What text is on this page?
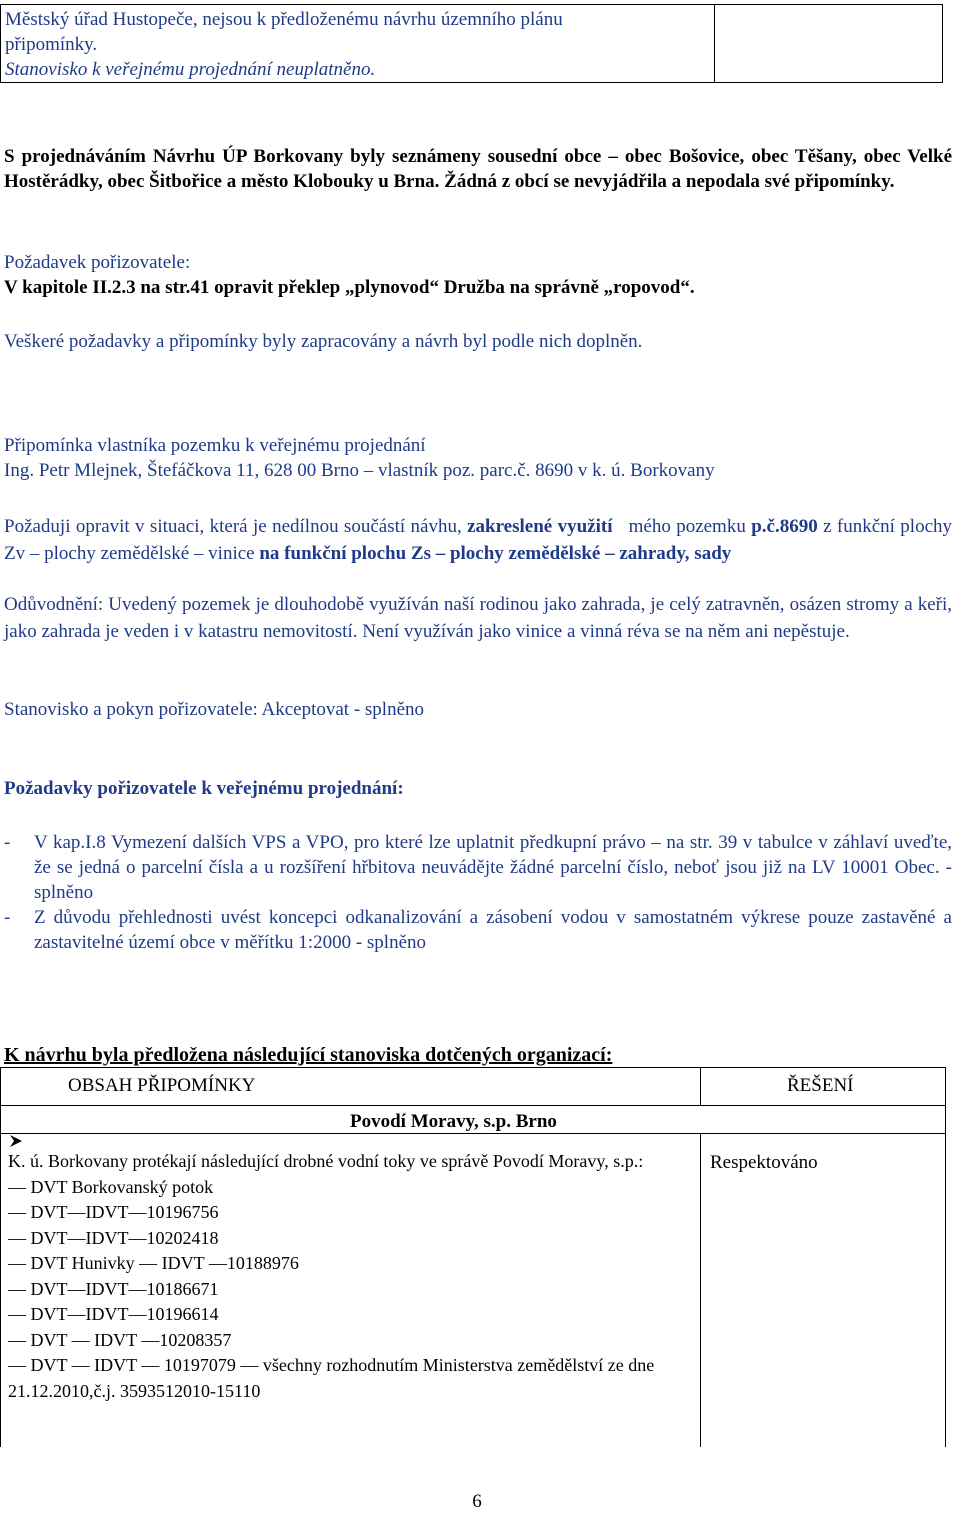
Městský úřad Hustopeče, nejsou k předloženému návrhu územního plánu
připomínky.
Stanovisko k veřejnému projednání neuplatněno.
S projednáváním Návrhu ÚP Borkovany byly seznámeny sousední obce – obec Bošovice, obec Těšany, obec Velké Hostěrádky, obec Šitbořice a město Klobouky u Brna. Žádná z obcí se nevyjádřila a nepodala své připomínky.
Požadavek pořizovatele:
V kapitole II.2.3 na str.41 opravit překlep „plynovod“ Družba na správně „ropovod“.
Veškeré požadavky a připomínky byly zapracovány a návrh byl podle nich doplněn.
Připomínka vlastníka pozemku k veřejnému projednání
Ing. Petr Mlejnek, Štefáčkova 11, 628 00 Brno – vlastník poz. parc.č. 8690 v k. ú. Borkovany
Požaduji opravit v situaci, která je nedílnou součástí návhu, zakreslené využití mého pozemku p.č.8690 z funkční plochy Zv – plochy zemědělské – vinice na funkční plochu Zs – plochy zemědělské – zahrady, sady
Odůvodnění: Uvedený pozemek je dlouhodobě využíván naší rodinou jako zahrada, je celý zatravněn, osázen stromy a keři, jako zahrada je veden i v katastru nemovitostí. Není využíván jako vinice a vinná réva se na něm ani nepěstuje.
Stanovisko a pokyn pořizovatele: Akceptovat - splněno
Požadavky pořizovatele k veřejnému projednání:
- V kap.I.8 Vymezení dalších VPS a VPO, pro které lze uplatnit předkupní právo – na str. 39 v tabulce v záhlaví uveďte, že se jedná o parcelní čísla a u rozšíření hřbitova neuvádějte žádné parcelní číslo, neboť jsou již na LV 10001 Obec. - splněno
- Z důvodu přehlednosti uvést koncepci odkanalizování a zásobení vodou v samostatném výkrese pouze zastavěné a zastavitelné území obce v měřítku 1:2000 - splněno
K návrhu byla předložena následující stanoviska dotčených organizací:
OBSAH PŘIPOMÍNKY	ŘEŠENÍ
Povodí Moravy, s.p. Brno
K. ú. Borkovany protékají následující drobné vodní toky ve správě Povodí Moravy, s.p.:
— DVT Borkovanský potok
— DVT—IDVT—10196756
— DVT—IDVT—10202418
— DVT Hunivky — IDVT —10188976
— DVT—IDVT—10186671
— DVT—IDVT—10196614
— DVT — IDVT —10208357
— DVT — IDVT — 10197079 — všechny rozhodnutím Ministerstva zemědělství ze dne 21.12.2010,č.j. 3593512010-15110
Respektováno
6
